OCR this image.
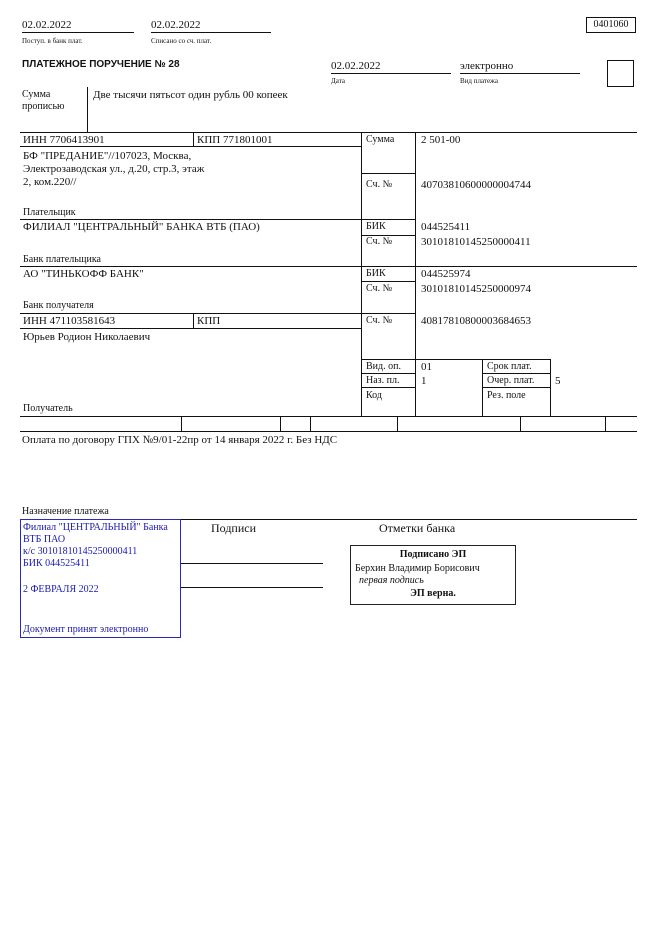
02.02.2022
Поступ. в банк плат.
02.02.2022
Списано со сч. плат.
0401060
ПЛАТЕЖНОЕ ПОРУЧЕНИЕ № 28	02.02.2022
Дата
электронно
Вид платежа
Сумма
прописью
Две тысячи пятьсот один рубль 00 копеек
ИНН 7706413901	КПП 771801001
БФ "ПРЕДАНИЕ"//107023, Москва,
Электрозаводская ул., д.20, стр.3, этаж
2, ком.220//
Плательщик
Сумма 2 501-00
Сч. №	40703810600000004744
ФИЛИАЛ "ЦЕНТРАЛЬНЫЙ" БАНКА ВТБ (ПАО)
Банк плательщика
БИК	044525411
Сч. №	30101810145250000411
АО "ТИНЬКОФФ БАНК"
Банк получателя
БИК	044525974
Сч. №	30101810145250000974
ИНН 471103581643	КПП
Юрьев Родион Николаевич
Получатель
Сч. №	40817810800003684653
Вид. оп. 01
Наз. пл. 1
Код
Срок плат.
Очер. плат. 5
Рез. поле
Оплата по договору ГПХ №9/01-22пр от 14 января 2022 г. Без НДС
Назначение платежа
Подписи	Отметки банка
Филиал "ЦЕНТРАЛЬНЫЙ" Банка
ВТБ ПАО
к/с 30101810145250000411
БИК 044525411
2 ФЕВРАЛЯ 2022
Документ принят электронно
Подписано ЭП
Берхин Владимир Борисович
первая подпись
ЭП верна.
